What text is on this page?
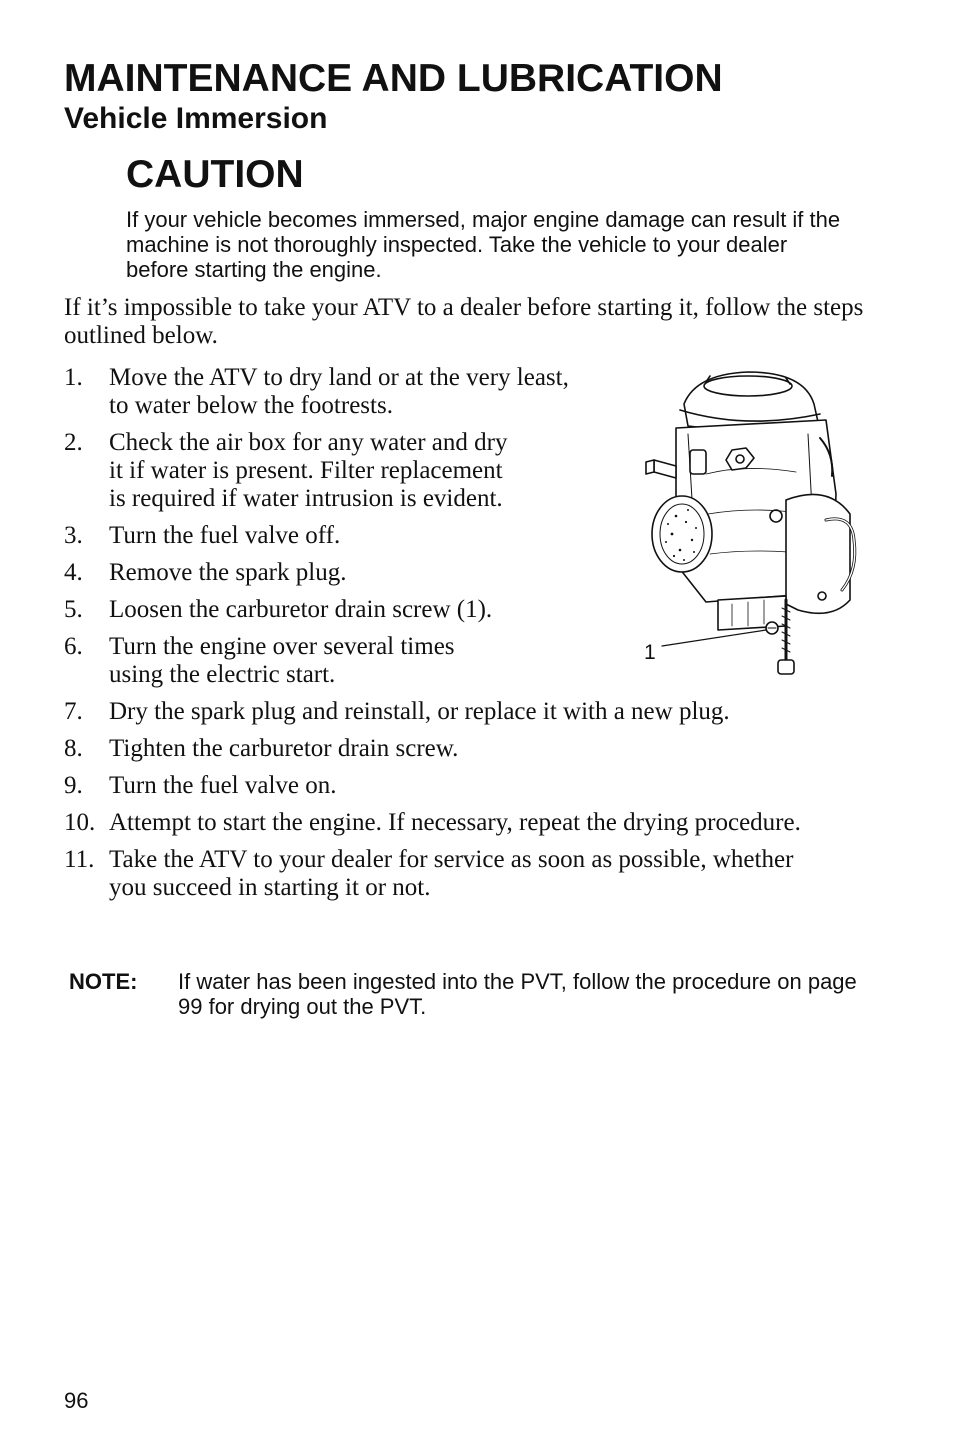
MAINTENANCE AND LUBRICATION
Vehicle Immersion
CAUTION

If your vehicle becomes immersed, major engine damage can result if the machine is not thoroughly inspected. Take the vehicle to your dealer before starting the engine.

If it’s impossible to take your ATV to a dealer before starting it, follow the steps outlined below.

1. Move the ATV to dry land or at the very least, to water below the footrests.
2. Check the air box for any water and dry it if water is present. Filter replacement is required if water intrusion is evident.
3. Turn the fuel valve off.
4. Remove the spark plug.
5. Loosen the carburetor drain screw (1).
6. Turn the engine over several times using the electric start.
7. Dry the spark plug and reinstall, or replace it with a new plug.
8. Tighten the carburetor drain screw.
9. Turn the fuel valve on.
10. Attempt to start the engine. If necessary, repeat the drying procedure.
11. Take the ATV to your dealer for service as soon as possible, whether you succeed in starting it or not.
1
NOTE: If water has been ingested into the PVT, follow the procedure on page 99 for drying out the PVT.
96
